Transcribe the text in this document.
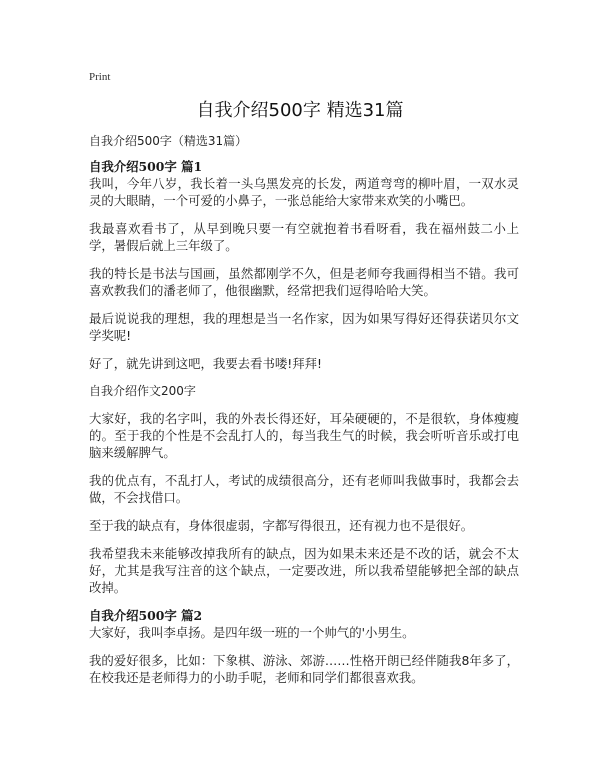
Print
自我介绍500字 精选31篇

自我介绍500字（精选31篇）

自我介绍500字 篇1

我叫，今年八岁，我长着一头乌黑发亮的长发，两道弯弯的柳叶眉，一双水灵灵的大眼睛，一个可爱的小鼻子，一张总能给大家带来欢笑的小嘴巴。

我最喜欢看书了，从早到晚只要一有空就抱着书看呀看，我在福州鼓二小上学，暑假后就上三年级了。

我的特长是书法与国画，虽然都刚学不久，但是老师夸我画得相当不错。我可喜欢教我们的潘老师了，他很幽默，经常把我们逗得哈哈大笑。

最后说说我的理想，我的理想是当一名作家，因为如果写得好还得获诺贝尔文学奖呢!

好了，就先讲到这吧，我要去看书喽!拜拜!

自我介绍作文200字

大家好，我的名字叫，我的外表长得还好，耳朵硬硬的，不是很软，身体瘦瘦的。至于我的个性是不会乱打人的，每当我生气的时候，我会听听音乐或打电脑来缓解脾气。

我的优点有，不乱打人，考试的成绩很高分，还有老师叫我做事时，我都会去做，不会找借口。

至于我的缺点有，身体很虚弱，字都写得很丑，还有视力也不是很好。

我希望我未来能够改掉我所有的缺点，因为如果未来还是不改的话，就会不太好，尤其是我写注音的这个缺点，一定要改进，所以我希望能够把全部的缺点改掉。

自我介绍500字 篇2

大家好，我叫李卓扬。是四年级一班的一个帅气的'小男生。

我的爱好很多，比如：下象棋、游泳、郊游……性格开朗已经伴随我8年多了，在校我还是老师得力的小助手呢，老师和同学们都很喜欢我。
